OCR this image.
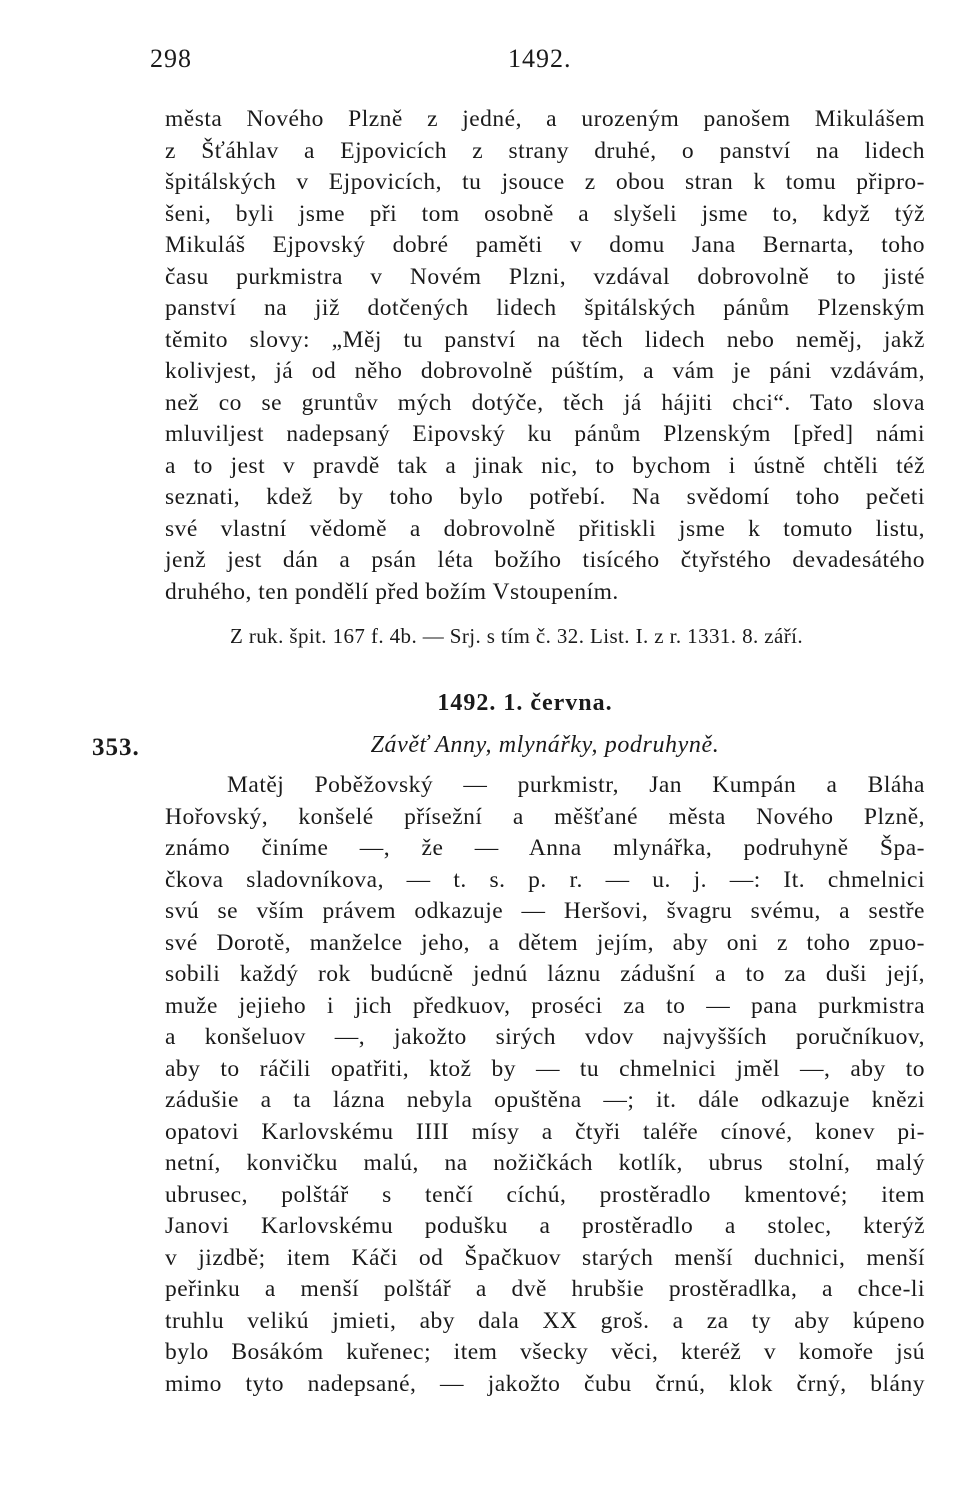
298	1492.
města Nového Plzně z jedné, a urozeným panošem Mikulášem
z Šťáhlav a Ejpovicích z strany druhé, o panství na lidech
špitálských v Ejpovicích, tu jsouce z obou stran k tomu připro-
šeni, byli jsme při tom osobně a slyšeli jsme to, když týž
Mikuláš Ejpovský dobré paměti v domu Jana Bernarta, toho
času purkmistra v Novém Plzni, vzdával dobrovolně to jisté
panství na již dotčených lidech špitálských pánům Plzenským
těmito slovy: „Měj tu panství na těch lidech nebo neměj, jakž
kolivjest, já od něho dobrovolně púštím, a vám je páni vzdávám,
než co se gruntův mých dotýče, těch já hájiti chci“. Tato slova
mluviljest nadepsaný Eipovský ku pánům Plzenským [před] námi
a to jest v pravdě tak a jinak nic, to bychom i ústně chtěli též
seznati, kdež by toho bylo potřebí. Na svědomí toho pečeti
své vlastní vědomě a dobrovolně přitiskli jsme k tomuto listu,
jenž jest dán a psán léta božího tisícého čtyřstého devadesátého
druhého, ten pondělí před božím Vstoupením.
Z ruk. špit. 167 f. 4b. — Srj. s tím č. 32. List. I. z r. 1331. 8. září.
1492. 1. června.
353.	Závěť Anny, mlynářky, podruhyně.
Matěj Poběžovský — purkmistr, Jan Kumpán a Bláha
Hořovský, konšelé přísežní a měšťané města Nového Plzně,
známo činíme —, že — Anna mlynářka, podruhyně Špa-
čkova sladovníkova, — t. s. p. r. — u. j. —: It. chmelnici
svú se vším právem odkazuje — Heršovi, švagru svému, a sestře
své Dorotě, manželce jeho, a dětem jejím, aby oni z toho zpuo-
sobili každý rok budúcně jednú láznu zádušní a to za duši její,
muže jejieho i jich předkuov, proséci za to — pana purkmistra
a konšeluov —, jakožto sirých vdov najvyšších poručníkuov,
aby to ráčili opatřiti, ktož by — tu chmelnici jměl —, aby to
zádušie a ta lázna nebyla opuštěna —; it. dále odkazuje knězi
opatovi Karlovskému IIII mísy a čtyři taléře cínové, konev pi-
netní, konvičku malú, na nožičkách kotlík, ubrus stolní, malý
ubrusec, polštář s tenčí cíchú, prostěradlo kmentové; item
Janovi Karlovskému podušku a prostěradlo a stolec, kterýž
v jizdbě; item Káči od Špačkuov starých menší duchnici, menší
peřinku a menší polštář a dvě hrubšie prostěradlka, a chce-li
truhlu velikú jmieti, aby dala XX groš. a za ty aby kúpeno
bylo Bosákóm kuřenec; item všecky věci, kteréž v komoře jsú
mimo tyto nadepsané, — jakožto čubu črnú, klok črný, blány
